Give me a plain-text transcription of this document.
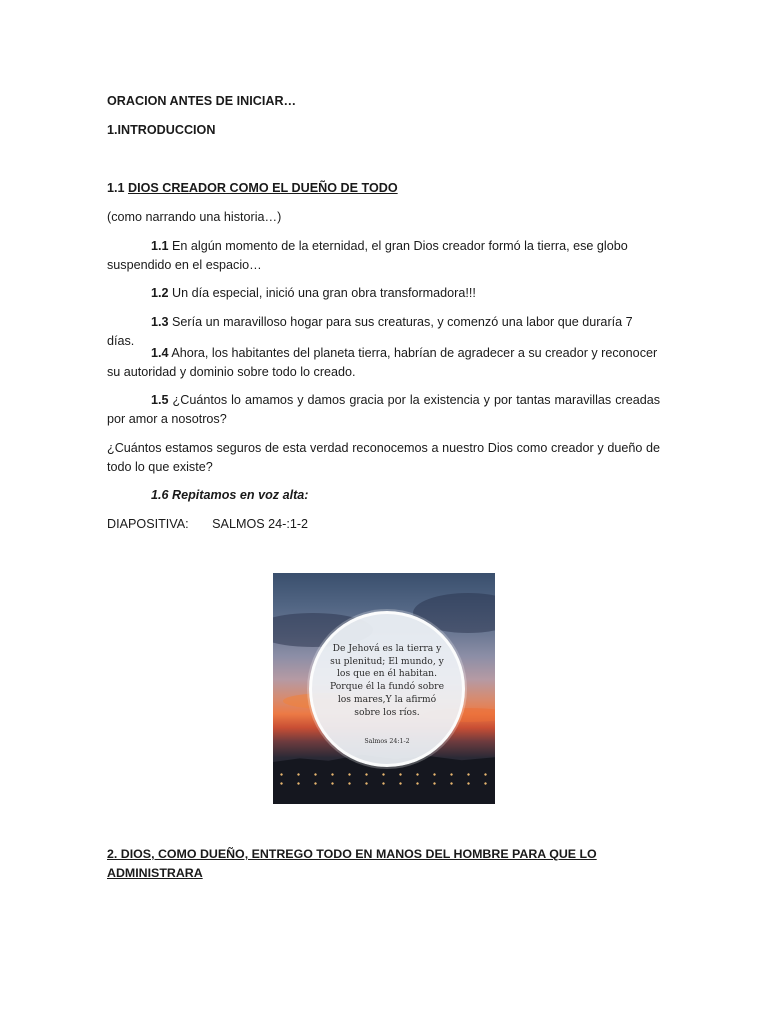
ORACION ANTES DE INICIAR…

1.INTRODUCCION

1.1 DIOS CREADOR COMO EL DUEÑO DE TODO

(como narrando una historia…)

1.1 En algún momento de la eternidad, el gran Dios creador formó la tierra, ese globo suspendido en el espacio…

1.2 Un día especial, inició una gran obra transformadora!!!

1.3 Sería un maravilloso hogar para sus creaturas, y comenzó una labor que duraría 7 días.

1.4 Ahora, los habitantes del planeta tierra, habrían de agradecer a su creador y reconocer su autoridad y dominio sobre todo lo creado.

1.5 ¿Cuántos lo amamos y damos gracia por la existencia y por tantas maravillas creadas por amor a nosotros?

¿Cuántos estamos seguros de esta verdad reconocemos a nuestro Dios como creador y dueño de todo lo que existe?

1.6 Repitamos en voz alta:

DIAPOSITIVA: SALMOS 24-:1-2

2. DIOS, COMO DUEÑO, ENTREGO TODO EN MANOS DEL HOMBRE PARA QUE LO ADMINISTRARA

De Jehová es la tierra y su plenitud; El mundo, y los que en él habitan. Porque él la fundó sobre los mares,Y la afirmó sobre los ríos.

Salmos 24:1-2
